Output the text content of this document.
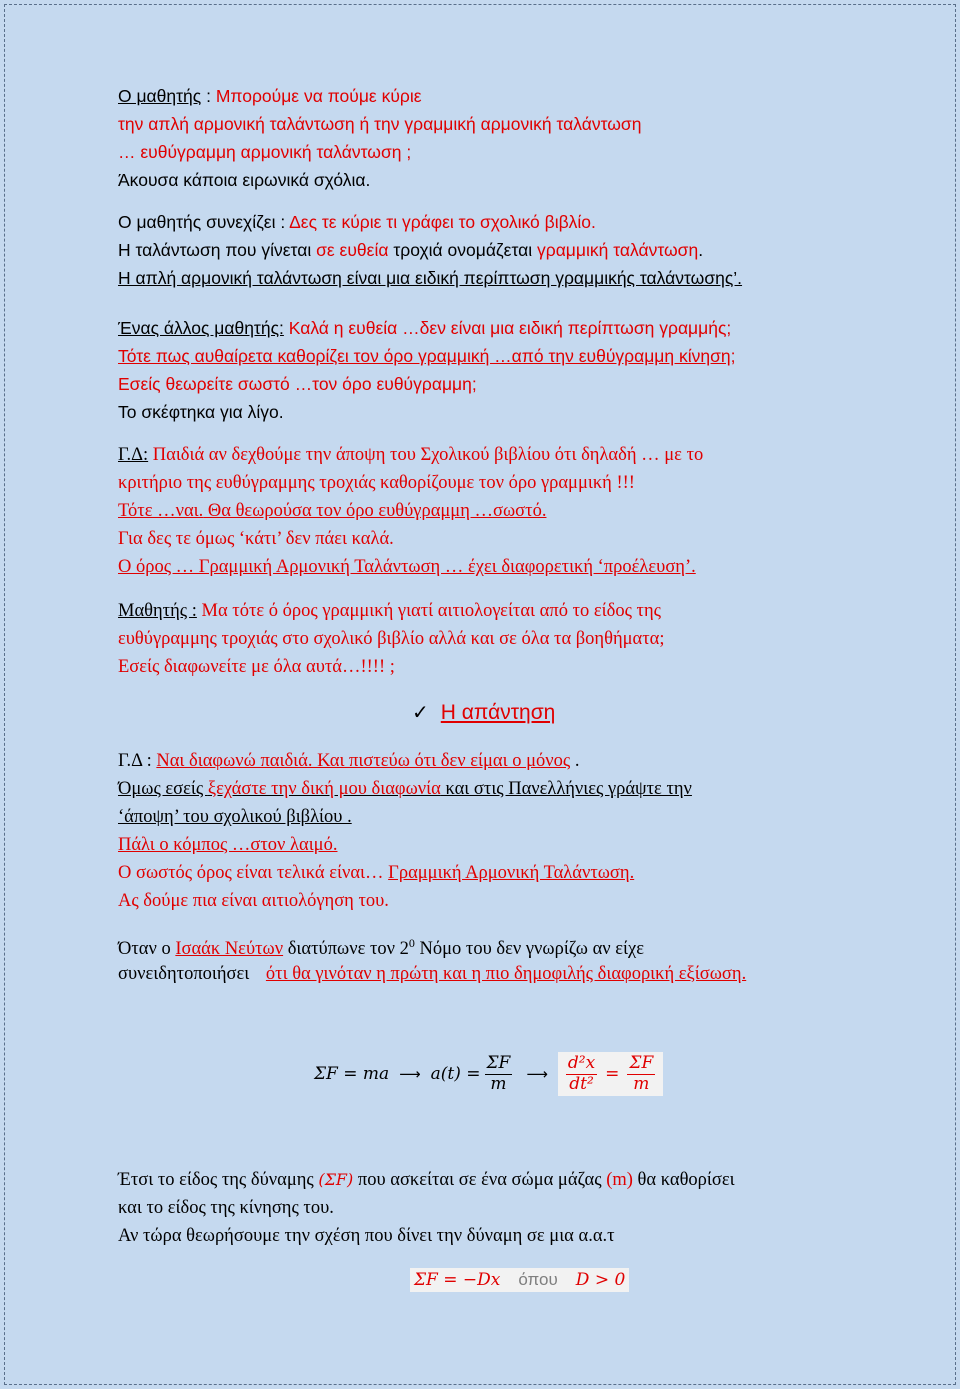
Ο μαθητής : Μπορούμε να πούμε κύριε
την απλή αρμονική ταλάντωση ή την γραμμική αρμονική ταλάντωση
… ευθύγραμμη αρμονική ταλάντωση ;
Άκουσα κάποια ειρωνικά σχόλια.
Ο μαθητής συνεχίζει : Δες τε κύριε τι γράφει το σχολικό βιβλίο.
Η ταλάντωση που γίνεται σε ευθεία τροχιά ονομάζεται γραμμική ταλάντωση.
Η απλή αρμονική ταλάντωση είναι μια ειδική περίπτωση γραμμικής ταλάντωσης’.
Ένας άλλος μαθητής: Καλά η ευθεία …δεν είναι μια ειδική περίπτωση γραμμής;
Τότε πως αυθαίρετα καθορίζει τον όρο γραμμική …από την ευθύγραμμη κίνηση;
Εσείς θεωρείτε σωστό …τον όρο ευθύγραμμη;
Το σκέφτηκα για λίγο.
Γ.Δ: Παιδιά αν δεχθούμε την άποψη του Σχολικού βιβλίου ότι δηλαδή … με το
κριτήριο της ευθύγραμμης τροχιάς καθορίζουμε τον όρο γραμμική !!!
Τότε …ναι. Θα θεωρούσα τον όρο ευθύγραμμη …σωστό.
Για δες τε όμως ‘κάτι’ δεν πάει καλά.
Ο όρος … Γραμμική Αρμονική Ταλάντωση … έχει διαφορετική ‘προέλευση’.
Μαθητής : Μα τότε ό όρος γραμμική γιατί αιτιολογείται από το είδος της
ευθύγραμμης τροχιάς στο σχολικό βιβλίο αλλά και σε όλα τα βοηθήματα;
Εσείς διαφωνείτε με όλα αυτά…!!!! ;
✓ Η απάντηση
Γ.Δ : Ναι διαφωνώ παιδιά. Και πιστεύω ότι δεν είμαι ο μόνος .
Όμως εσείς ξεχάστε την δική μου διαφωνία και στις Πανελλήνιες γράψτε την
‘άποψη’ του σχολικού βιβλίου .
Πάλι ο κόμπος …στον λαιμό.
Ο σωστός όρος είναι τελικά είναι… Γραμμική Αρμονική Ταλάντωση.
Ας δούμε πια είναι αιτιολόγηση του.
Όταν ο Ισαάκ Νεύτων διατύπωνε τον $2^0$ Νόμο του δεν γνωρίζω αν είχε
συνειδητοποιήσει ότι θα γινόταν η πρώτη και η πιο δημοφιλής διαφορική εξίσωση.
ΣF = ma ⟶ $a(t) = \frac{\Sigma F}{m}$ ⟶ $\frac{\text{d²x}}{\text{dt²}} = \frac{\Sigma F}{m}$
Έτσι το είδος της δύναμης (ΣF) που ασκείται σε ένα σώμα μάζας (m) θα καθορίσει
και το είδος της κίνησης του.
Αν τώρα θεωρήσουμε την σχέση που δίνει την δύναμη σε μια α.α.τ
ΣF = −Dx όπου D > 0
